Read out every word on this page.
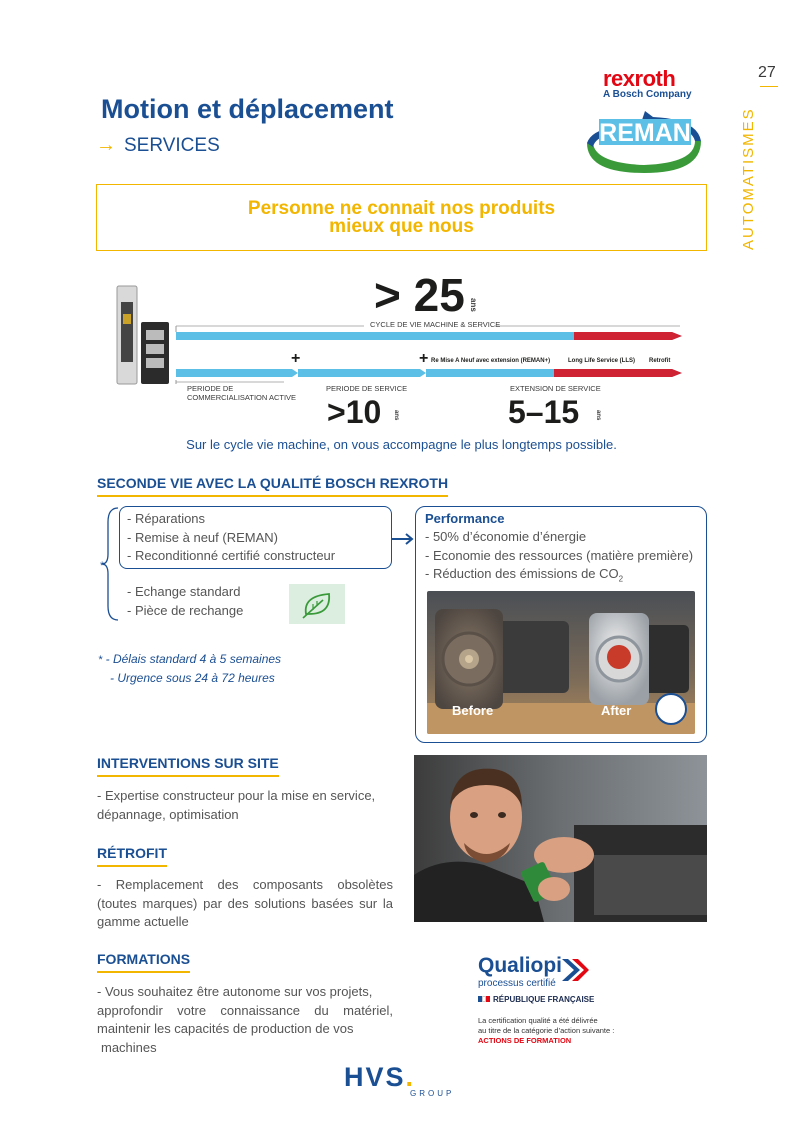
27
AUTOMATISMES
Motion et déplacement
→ SERVICES
rexroth
A Bosch Company
REMAN
Personne ne connait nos produits
mieux que nous
> 25 ans
CYCLE DE VIE MACHINE & SERVICE
+	+ Re Mise A Neuf avec extension (REMAN+)	Long Life Service (LLS) Retrofit
PERIODE DE
COMMERCIALISATION ACTIVE
PERIODE DE SERVICE	EXTENSION DE SERVICE
>10 ans	5–15	ans
Sur le cycle vie machine, on vous accompagne le plus longtemps possible.
SECONDE VIE AVEC LA QUALITÉ BOSCH REXROTH
*
- Réparations
- Remise à neuf (REMAN)
- Reconditionné certifié constructeur
- Echange standard
- Pièce de rechange
* - Délais standard 4 à 5 semaines
- Urgence sous 24 à 72 heures
Performance
- 50% d’économie d’énergie
- Economie des ressources (matière première)
- Réduction des émissions de $CO_2$
Before	After
INTERVENTIONS SUR SITE
- Expertise constructeur pour la mise en service, dépannage, optimisation
RÉTROFIT
- Remplacement des composants obsolètes (toutes marques) par des solutions basées sur la gamme actuelle
FORMATIONS
- Vous souhaitez être autonome sur vos projets,
approfondir votre connaissance du matériel,
maintenir les capacités de production de vos
machines
Qualiopi
processus certifié
RÉPUBLIQUE FRANÇAISE
La certification qualité a été délivrée
au titre de la catégorie d’action suivante :
ACTIONS DE FORMATION
HVS.
GROUP
